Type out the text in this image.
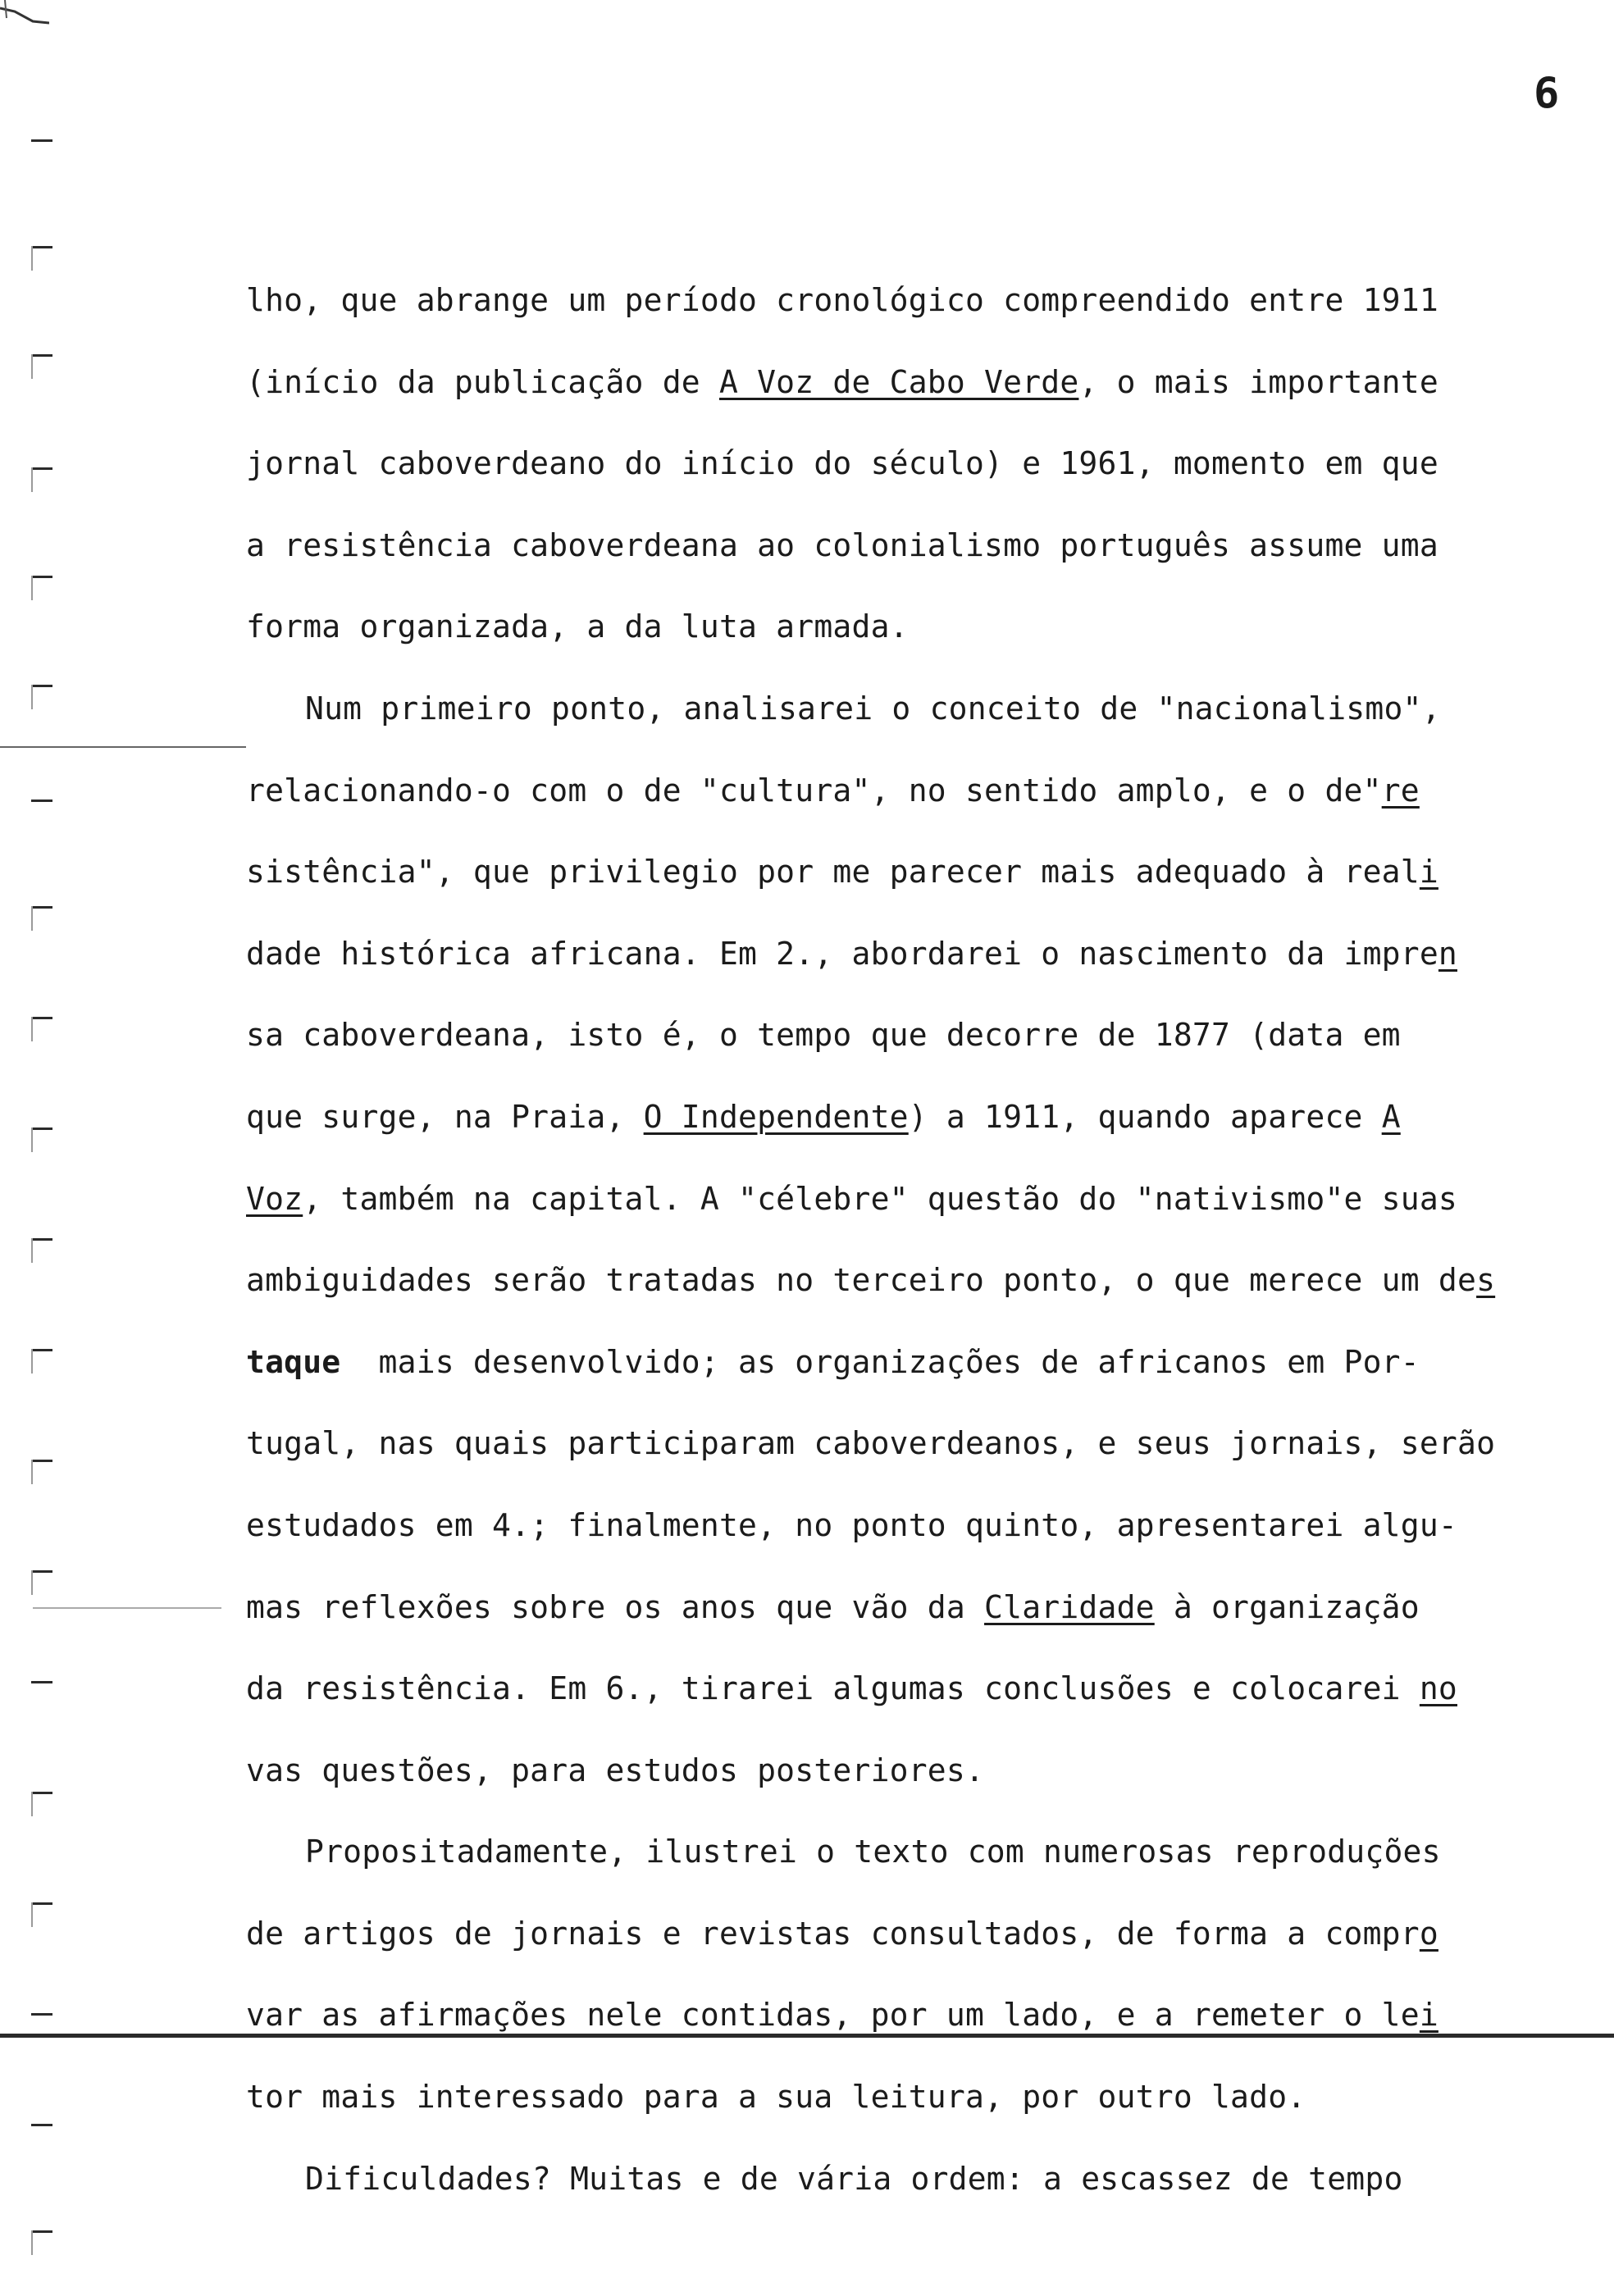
6
lho, que abrange um período cronológico compreendido entre 1911
(início da publicação de A Voz de Cabo Verde, o mais importante
jornal caboverdeano do início do século) e 1961, momento em que
a resistência caboverdeana ao colonialismo português assume uma
forma organizada, a da luta armada.
Num primeiro ponto, analisarei o conceito de "nacionalismo",
relacionando-o com o de "cultura", no sentido amplo, e o de"re
sistência", que privilegio por me parecer mais adequado à reali
dade histórica africana. Em 2., abordarei o nascimento da impren
sa caboverdeana, isto é, o tempo que decorre de 1877 (data em
que surge, na Praia, O Independente) a 1911, quando aparece A
Voz, também na capital. A "célebre" questão do "nativismo"e suas
ambiguidades serão tratadas no terceiro ponto, o que merece um des
taque  mais desenvolvido; as organizações de africanos em Por-
tugal, nas quais participaram caboverdeanos, e seus jornais, serão
estudados em 4.; finalmente, no ponto quinto, apresentarei algu-
mas reflexões sobre os anos que vão da Claridade à organização
da resistência. Em 6., tirarei algumas conclusões e colocarei no
vas questões, para estudos posteriores.
Propositadamente, ilustrei o texto com numerosas reproduções
de artigos de jornais e revistas consultados, de forma a compro
var as afirmações nele contidas, por um lado, e a remeter o lei
tor mais interessado para a sua leitura, por outro lado.
Dificuldades? Muitas e de vária ordem: a escassez de tempo
